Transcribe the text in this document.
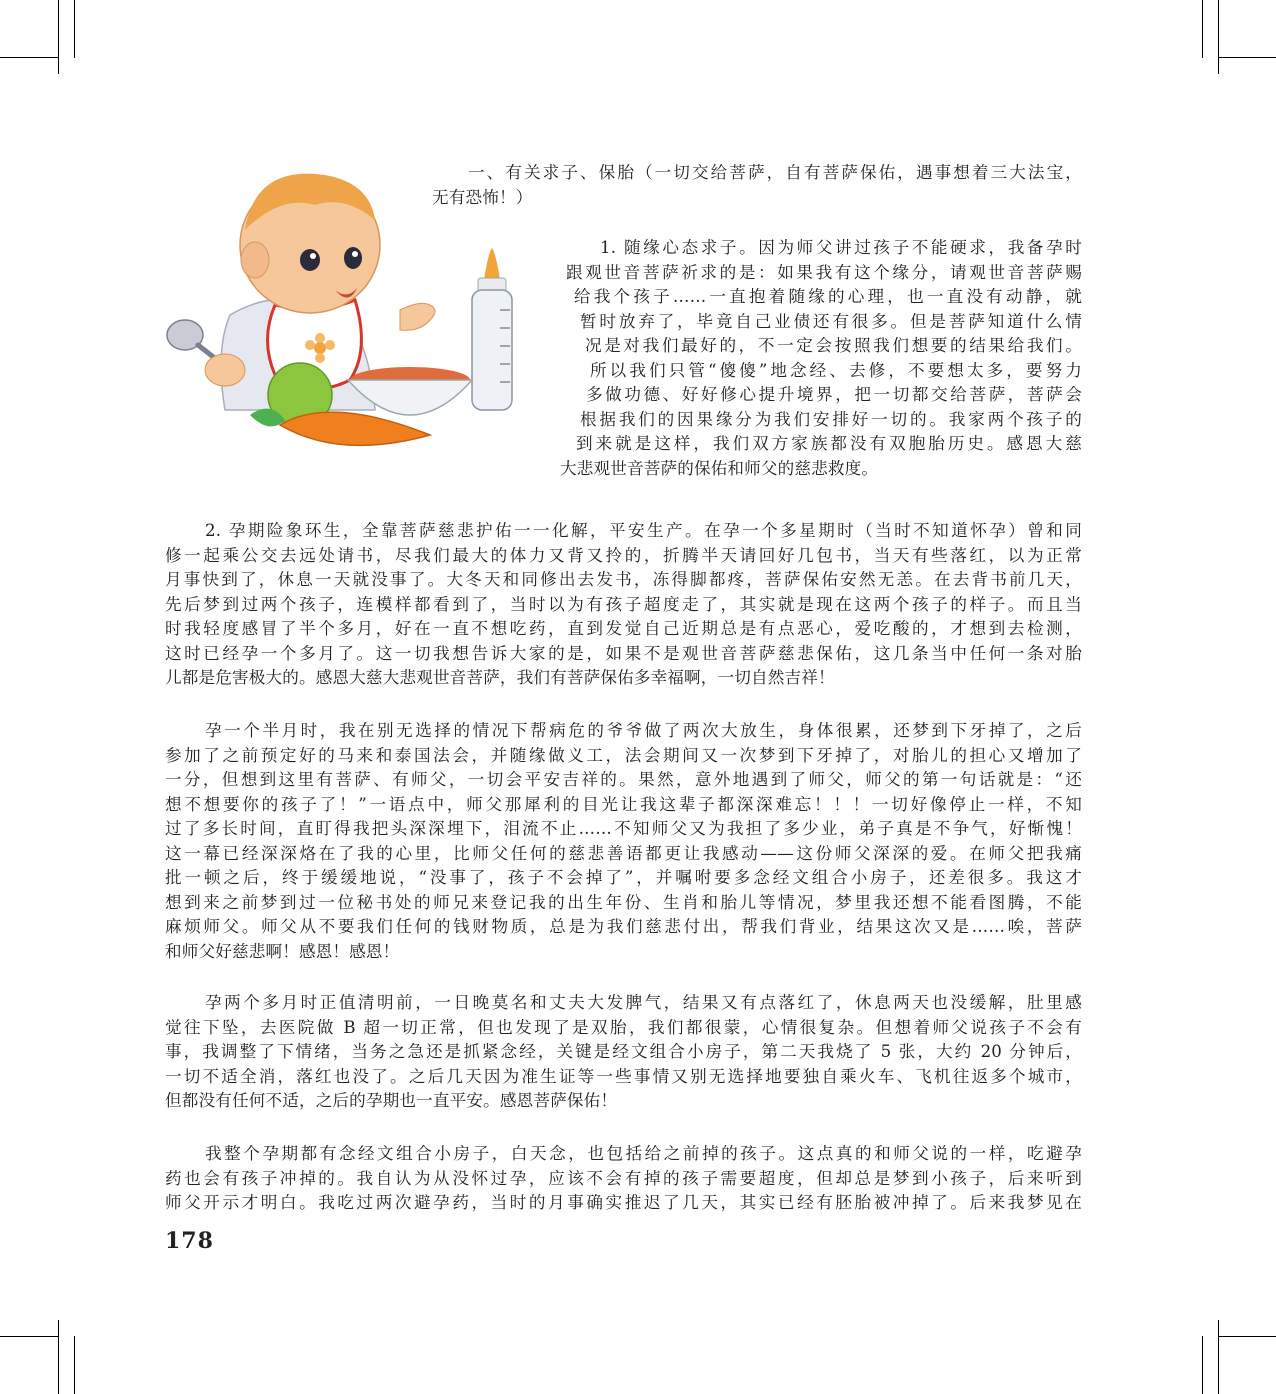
一、有关求子、保胎（一切交给菩萨，自有菩萨保佑，遇事想着三大法宝，
无有恐怖！）
1. 随缘心态求子。因为师父讲过孩子不能硬求，我备孕时
跟观世音菩萨祈求的是：如果我有这个缘分，请观世音菩萨赐
给我个孩子……一直抱着随缘的心理，也一直没有动静，就
暂时放弃了，毕竟自己业债还有很多。但是菩萨知道什么情
况是对我们最好的，不一定会按照我们想要的结果给我们。
所以我们只管“傻傻”地念经、去修，不要想太多，要努力
多做功德、好好修心提升境界，把一切都交给菩萨，菩萨会
根据我们的因果缘分为我们安排好一切的。我家两个孩子的
到来就是这样，我们双方家族都没有双胞胎历史。感恩大慈
大悲观世音菩萨的保佑和师父的慈悲救度。
2. 孕期险象环生，全靠菩萨慈悲护佑一一化解，平安生产。在孕一个多星期时（当时不知道怀孕）曾和同
修一起乘公交去远处请书，尽我们最大的体力又背又拎的，折腾半天请回好几包书，当天有些落红，以为正常
月事快到了，休息一天就没事了。大冬天和同修出去发书，冻得脚都疼，菩萨保佑安然无恙。在去背书前几天，
先后梦到过两个孩子，连模样都看到了，当时以为有孩子超度走了，其实就是现在这两个孩子的样子。而且当
时我轻度感冒了半个多月，好在一直不想吃药，直到发觉自己近期总是有点恶心，爱吃酸的，才想到去检测，
这时已经孕一个多月了。这一切我想告诉大家的是，如果不是观世音菩萨慈悲保佑，这几条当中任何一条对胎
儿都是危害极大的。感恩大慈大悲观世音菩萨，我们有菩萨保佑多幸福啊，一切自然吉祥！
孕一个半月时，我在别无选择的情况下帮病危的爷爷做了两次大放生，身体很累，还梦到下牙掉了，之后
参加了之前预定好的马来和泰国法会，并随缘做义工，法会期间又一次梦到下牙掉了，对胎儿的担心又增加了
一分，但想到这里有菩萨、有师父，一切会平安吉祥的。果然，意外地遇到了师父，师父的第一句话就是：“还
想不想要你的孩子了！”一语点中，师父那犀利的目光让我这辈子都深深难忘！！！一切好像停止一样，不知
过了多长时间，直盯得我把头深深埋下，泪流不止……不知师父又为我担了多少业，弟子真是不争气，好惭愧！
这一幕已经深深烙在了我的心里，比师父任何的慈悲善语都更让我感动——这份师父深深的爱。在师父把我痛
批一顿之后，终于缓缓地说，“没事了，孩子不会掉了”，并嘱咐要多念经文组合小房子，还差很多。我这才
想到来之前梦到过一位秘书处的师兄来登记我的出生年份、生肖和胎儿等情况，梦里我还想不能看图腾，不能
麻烦师父。师父从不要我们任何的钱财物质，总是为我们慈悲付出，帮我们背业，结果这次又是……唉，菩萨
和师父好慈悲啊！感恩！感恩！
孕两个多月时正值清明前，一日晚莫名和丈夫大发脾气，结果又有点落红了，休息两天也没缓解，肚里感
觉往下坠，去医院做 B 超一切正常，但也发现了是双胎，我们都很蒙，心情很复杂。但想着师父说孩子不会有
事，我调整了下情绪，当务之急还是抓紧念经，关键是经文组合小房子，第二天我烧了 5 张，大约 20 分钟后，
一切不适全消，落红也没了。之后几天因为准生证等一些事情又别无选择地要独自乘火车、飞机往返多个城市，
但都没有任何不适，之后的孕期也一直平安。感恩菩萨保佑！
我整个孕期都有念经文组合小房子，白天念，也包括给之前掉的孩子。这点真的和师父说的一样，吃避孕
药也会有孩子冲掉的。我自认为从没怀过孕，应该不会有掉的孩子需要超度，但却总是梦到小孩子，后来听到
师父开示才明白。我吃过两次避孕药，当时的月事确实推迟了几天，其实已经有胚胎被冲掉了。后来我梦见在
178
